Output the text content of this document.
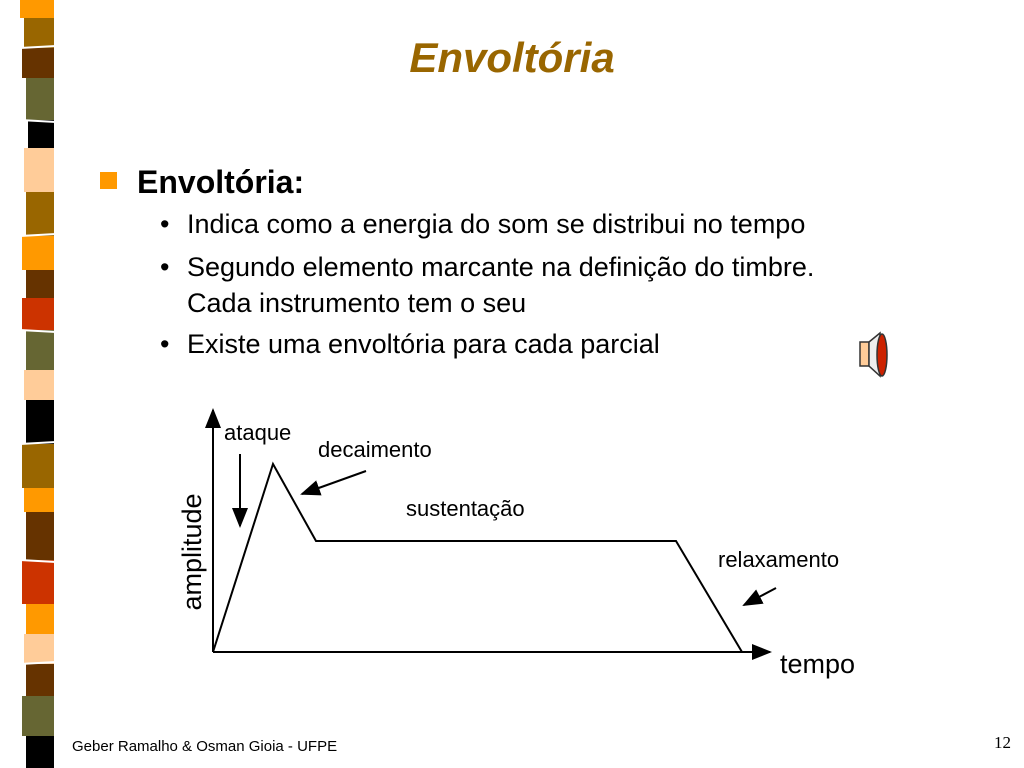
Envoltória
Envoltória:
• Indica como a energia do som se distribui no tempo
• Segundo elemento marcante na definição do timbre.
Cada instrumento tem o seu
• Existe uma envoltória para cada parcial
ataque
decaimento
sustentação
relaxamento
amplitude
tempo
Geber Ramalho & Osman Gioia - UFPE	12
